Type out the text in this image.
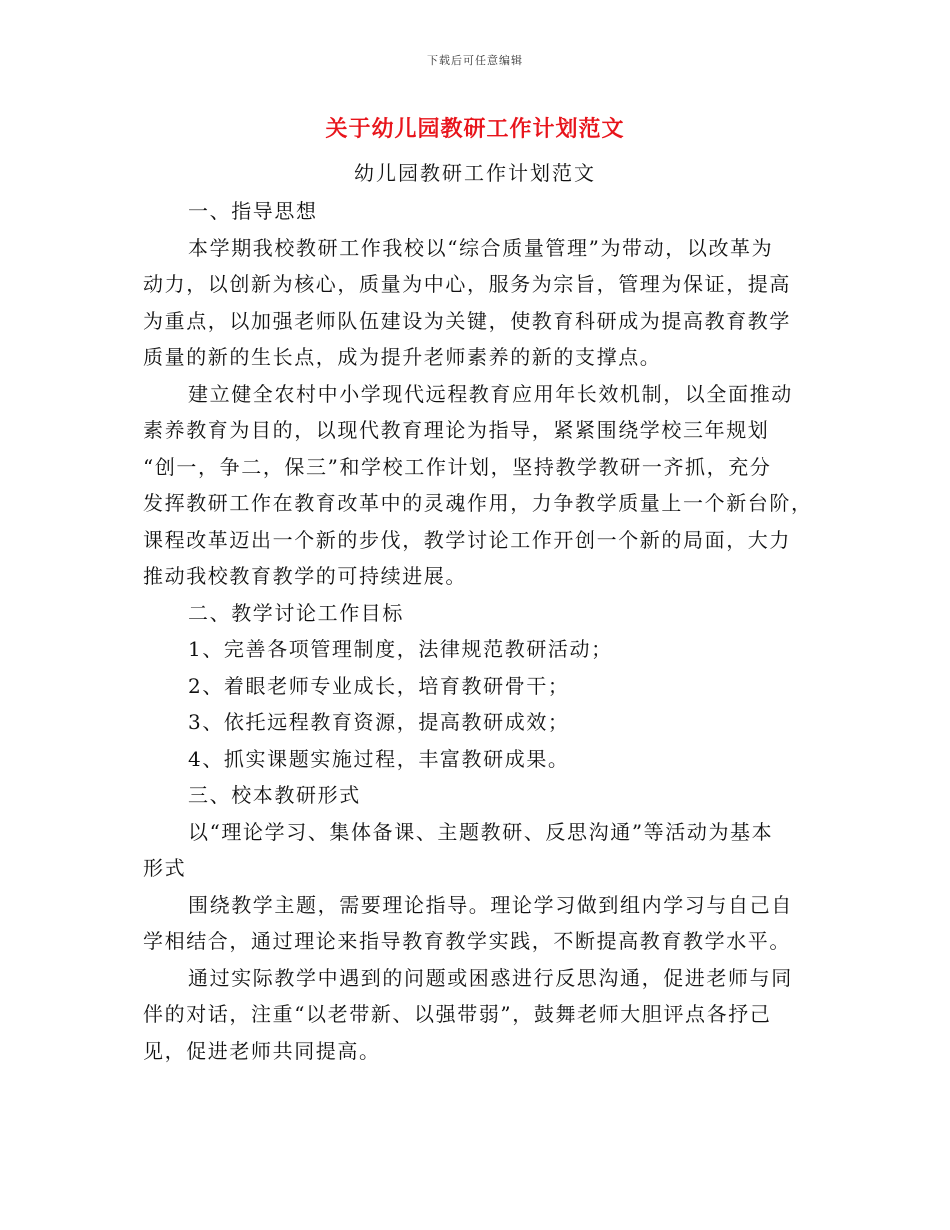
下载后可任意编辑
关于幼儿园教研工作计划范文
幼儿园教研工作计划范文
一、指导思想
本学期我校教研工作我校以“综合质量管理”为带动，以改革为
动力，以创新为核心，质量为中心，服务为宗旨，管理为保证，提高
为重点，以加强老师队伍建设为关键，使教育科研成为提高教育教学
质量的新的生长点，成为提升老师素养的新的支撑点。
建立健全农村中小学现代远程教育应用年长效机制，以全面推动
素养教育为目的，以现代教育理论为指导，紧紧围绕学校三年规划
“创一，争二，保三”和学校工作计划，坚持教学教研一齐抓，充分
发挥教研工作在教育改革中的灵魂作用，力争教学质量上一个新台阶，
课程改革迈出一个新的步伐，教学讨论工作开创一个新的局面，大力
推动我校教育教学的可持续进展。
二、教学讨论工作目标
1、完善各项管理制度，法律规范教研活动；
2、着眼老师专业成长，培育教研骨干；
3、依托远程教育资源，提高教研成效；
4、抓实课题实施过程，丰富教研成果。
三、校本教研形式
以“理论学习、集体备课、主题教研、反思沟通”等活动为基本
形式
围绕教学主题，需要理论指导。理论学习做到组内学习与自己自
学相结合，通过理论来指导教育教学实践，不断提高教育教学水平。
通过实际教学中遇到的问题或困惑进行反思沟通，促进老师与同
伴的对话，注重“以老带新、以强带弱”，鼓舞老师大胆评点各抒己
见，促进老师共同提高。
